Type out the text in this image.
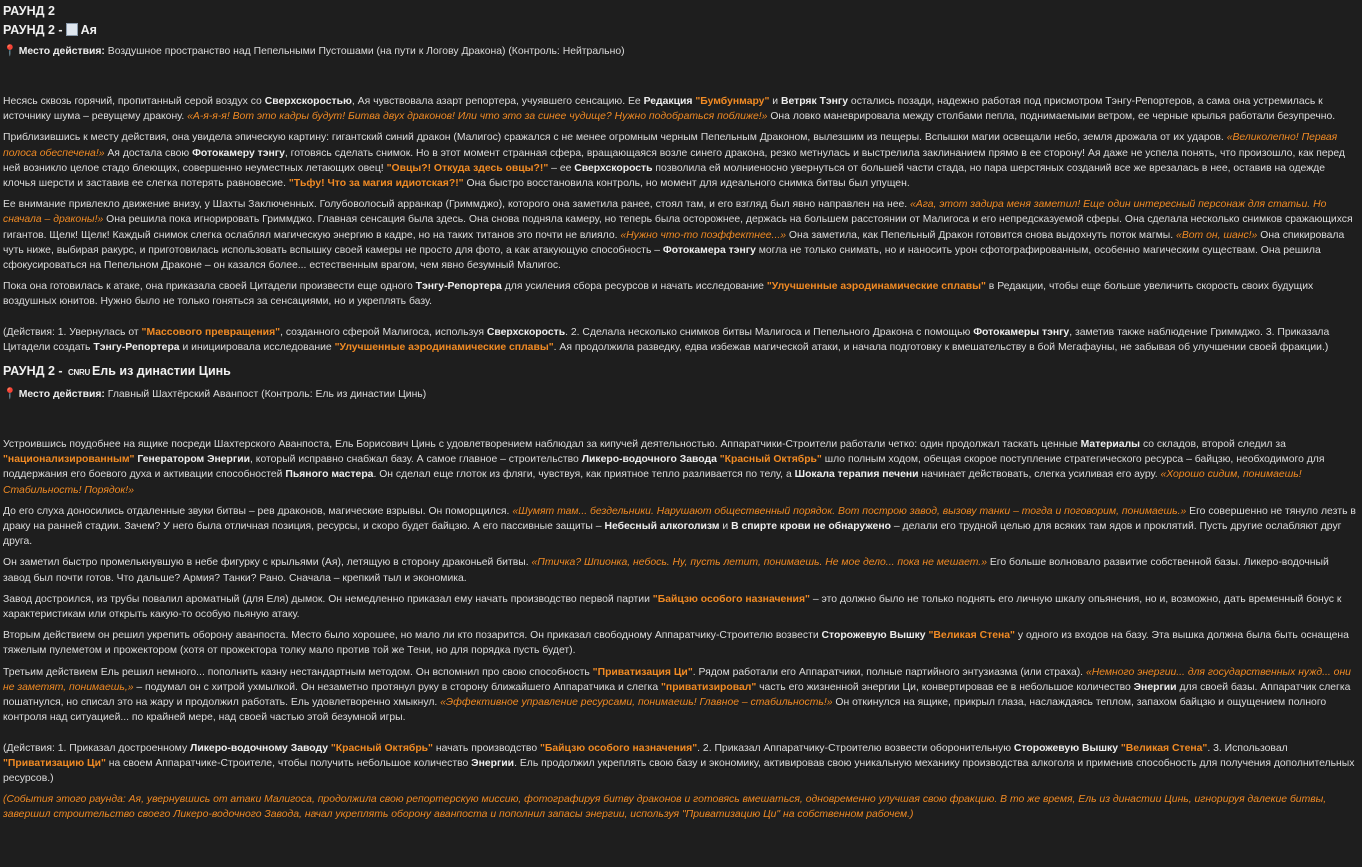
РАУНД 2
РАУНД 2 - Ая

📍 Место действия: Воздушное пространство над Пепельными Пустошами (на пути к Логову Дракона) (Контроль: Нейтрально)

Несясь сквозь горячий, пропитанный серой воздух со Сверхскоростью, Ая чувствовала азарт репортера, учуявшего сенсацию. Ее Редакция "Бумбунмару" и Ветряк Тэнгу остались позади, надежно работая под присмотром Тэнгу-Репортеров, а сама она устремилась к источнику шума – ревущему дракону. «А-я-я-я! Вот это кадры будут! Битва двух драконов! Или что это за синее чудище? Нужно подобраться поближе!» Она ловко маневрировала между столбами пепла, поднимаемыми ветром, ее черные крылья работали безупречно.

Приблизившись к месту действия, она увидела эпическую картину: гигантский синий дракон (Малигос) сражался с не менее огромным черным Пепельным Драконом, вылезшим из пещеры. Вспышки магии освещали небо, земля дрожала от их ударов. «Великолепно! Первая полоса обеспечена!» Ая достала свою Фотокамеру тэнгу, готовясь сделать снимок. Но в этот момент странная сфера, вращающаяся возле синего дракона, резко метнулась и выстрелила заклинанием прямо в ее сторону! Ая даже не успела понять, что произошло, как перед ней возникло целое стадо блеющих, совершенно неуместных летающих овец! "Овцы?! Откуда здесь овцы?!" – ее Сверхскорость позволила ей молниеносно увернуться от большей части стада, но пара шерстяных созданий все же врезалась в нее, оставив на одежде клочья шерсти и заставив ее слегка потерять равновесие. "Тьфу! Что за магия идиотская?!" Она быстро восстановила контроль, но момент для идеального снимка битвы был упущен.

Ее внимание привлекло движение внизу, у Шахты Заключенных. Голубоволосый арранкар (Гриммджо), которого она заметила ранее, стоял там, и его взгляд был явно направлен на нее. «Ага, этот задира меня заметил! Еще один интересный персонаж для статьи. Но сначала – драконы!» Она решила пока игнорировать Гриммджо. Главная сенсация была здесь. Она снова подняла камеру, но теперь была осторожнее, держась на большем расстоянии от Малигоса и его непредсказуемой сферы. Она сделала несколько снимков сражающихся гигантов. Щелк! Щелк! Каждый снимок слегка ослаблял магическую энергию в кадре, но на таких титанов это почти не влияло. «Нужно что-то поэффектнее...» Она заметила, как Пепельный Дракон готовится снова выдохнуть поток магмы. «Вот он, шанс!» Она спикировала чуть ниже, выбирая ракурс, и приготовилась использовать вспышку своей камеры не просто для фото, а как атакующую способность – Фотокамера тэнгу могла не только снимать, но и наносить урон сфотографированным, особенно магическим существам. Она решила сфокусироваться на Пепельном Драконе – он казался более... естественным врагом, чем явно безумный Малигос.

Пока она готовилась к атаке, она приказала своей Цитадели произвести еще одного Тэнгу-Репортера для усиления сбора ресурсов и начать исследование "Улучшенные аэродинамические сплавы" в Редакции, чтобы еще больше увеличить скорость своих будущих воздушных юнитов. Нужно было не только гоняться за сенсациями, но и укреплять базу.

(Действия: 1. Увернулась от "Массового превращения", созданного сферой Малигоса, используя Сверхскорость. 2. Сделала несколько снимков битвы Малигоса и Пепельного Дракона с помощью Фотокамеры тэнгу, заметив также наблюдение Гриммджо. 3. Приказала Цитадели создать Тэнгу-Репортера и инициировала исследование "Улучшенные аэродинамические сплавы". Ая продолжила разведку, едва избежав магической атаки, и начала подготовку к вмешательству в бой Мегафауны, не забывая об улучшении своей фракции.)

РАУНД 2 - CNRU Ель из династии Цинь

📍 Место действия: Главный Шахтёрский Аванпост (Контроль: Ель из династии Цинь)

Устроившись поудобнее на ящике посреди Шахтерского Аванпоста, Ель Борисович Цинь с удовлетворением наблюдал за кипучей деятельностью. Аппаратчики-Строители работали четко: один продолжал таскать ценные Материалы со складов, второй следил за "национализированным" Генератором Энергии, который исправно снабжал базу. А самое главное – строительство Ликеро-водочного Завода "Красный Октябрь" шло полным ходом, обещая скорое поступление стратегического ресурса – байцзю, необходимого для поддержания его боевого духа и активации способностей Пьяного мастера. Он сделал еще глоток из фляги, чувствуя, как приятное тепло разливается по телу, а Шокала терапия печени начинает действовать, слегка усиливая его ауру. «Хорошо сидим, понимаешь! Стабильность! Порядок!»

До его слуха доносились отдаленные звуки битвы – рев драконов, магические взрывы. Он поморщился. «Шумят там... бездельники. Нарушают общественный порядок. Вот построю завод, вызову танки – тогда и поговорим, понимаешь.» Его совершенно не тянуло лезть в драку на ранней стадии. Зачем? У него была отличная позиция, ресурсы, и скоро будет байцзю. А его пассивные защиты – Небесный алкоголизм и В спирте крови не обнаружено – делали его трудной целью для всяких там ядов и проклятий. Пусть другие ослабляют друг друга.

Он заметил быстро промелькнувшую в небе фигурку с крыльями (Ая), летящую в сторону драконьей битвы. «Птичка? Шпионка, небось. Ну, пусть летит, понимаешь. Не мое дело... пока не мешает.» Его больше волновало развитие собственной базы. Ликеро-водочный завод был почти готов. Что дальше? Армия? Танки? Рано. Сначала – крепкий тыл и экономика.

Завод достроился, из трубы повалил ароматный (для Еля) дымок. Он немедленно приказал ему начать производство первой партии "Байцзю особого назначения" – это должно было не только поднять его личную шкалу опьянения, но и, возможно, дать временный бонус к характеристикам или открыть какую-то особую пьяную атаку.

Вторым действием он решил укрепить оборону аванпоста. Место было хорошее, но мало ли кто позарится. Он приказал свободному Аппаратчику-Строителю возвести Сторожевую Вышку "Великая Стена" у одного из входов на базу. Эта вышка должна была быть оснащена тяжелым пулеметом и прожектором (хотя от прожектора толку мало против той же Тени, но для порядка пусть будет).

Третьим действием Ель решил немного... пополнить казну нестандартным методом. Он вспомнил про свою способность "Приватизация Ци". Рядом работали его Аппаратчики, полные партийного энтузиазма (или страха). «Немного энергии... для государственных нужд... они не заметят, понимаешь,» – подумал он с хитрой ухмылкой. Он незаметно протянул руку в сторону ближайшего Аппаратчика и слегка "приватизировал" часть его жизненной энергии Ци, конвертировав ее в небольшое количество Энергии для своей базы. Аппаратчик слегка пошатнулся, но списал это на жару и продолжил работать. Ель удовлетворенно хмыкнул. «Эффективное управление ресурсами, понимаешь! Главное – стабильность!» Он откинулся на ящике, прикрыл глаза, наслаждаясь теплом, запахом байцзю и ощущением полного контроля над ситуацией... по крайней мере, над своей частью этой безумной игры.

(Действия: 1. Приказал достроенному Ликеро-водочному Заводу "Красный Октябрь" начать производство "Байцзю особого назначения". 2. Приказал Аппаратчику-Строителю возвести оборонительную Сторожевую Вышку "Великая Стена". 3. Использовал "Приватизацию Ци" на своем Аппаратчике-Строителе, чтобы получить небольшое количество Энергии. Ель продолжил укреплять свою базу и экономику, активировав свою уникальную механику производства алкоголя и применив способность для получения дополнительных ресурсов.)

(События этого раунда: Ая, увернувшись от атаки Малигоса, продолжила свою репортерскую миссию, фотографируя битву драконов и готовясь вмешаться, одновременно улучшая свою фракцию. В то же время, Ель из династии Цинь, игнорируя далекие битвы, завершил строительство своего Ликеро-водочного Завода, начал укреплять оборону аванпоста и пополнил запасы энергии, используя "Приватизацию Ци" на собственном рабочем.)
